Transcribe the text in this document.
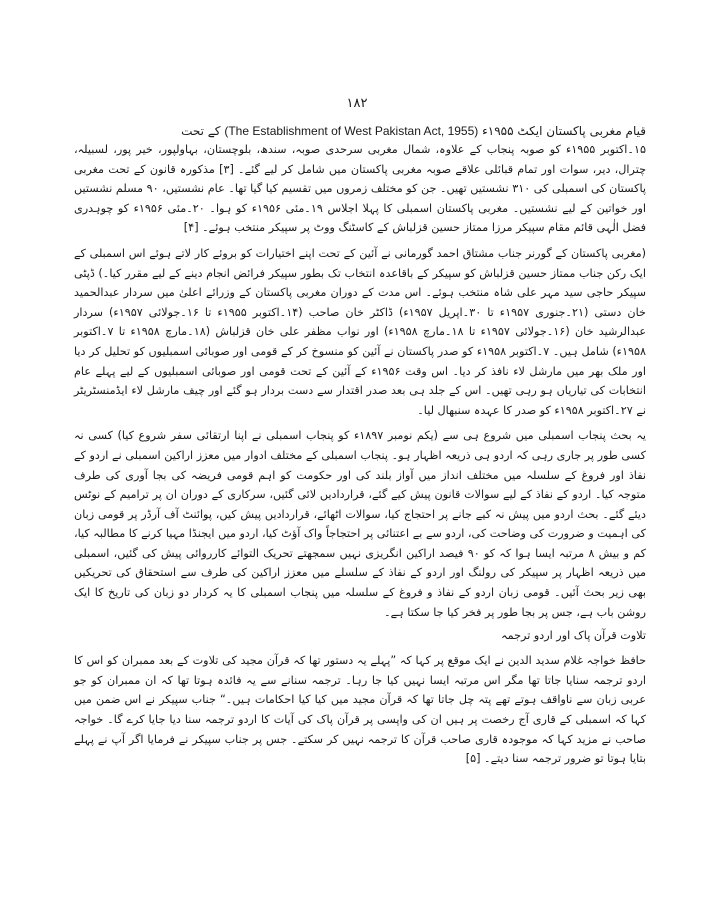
۱۸۲
قیام مغربی پاکستان ایکٹ ۱۹۵۵ء (The Establishment of West Pakistan Act, 1955) کے تحت

۱۵۔اکتوبر ۱۹۵۵ء کو صوبہ پنجاب کے علاوہ، شمال مغربی سرحدی صوبہ، سندھ، بلوچستان، بہاولپور، خیر پور، لسبیلہ، چترال، دیر، سوات اور تمام قبائلی علاقے صوبہ مغربی پاکستان میں شامل کر لیے گئے۔ [۳] مذکورہ قانون کے تحت مغربی پاکستان کی اسمبلی کی ۳۱۰ نشستیں تھیں۔ جن کو مختلف زمروں میں تقسیم کیا گیا تھا۔ عام نشستیں، ۹۰ مسلم نشستیں اور خواتین کے لیے نشستیں۔ مغربی پاکستان اسمبلی کا پہلا اجلاس ۱۹۔مئی ۱۹۵۶ء کو ہوا۔ ۲۰۔مئی ۱۹۵۶ء کو چوہدری فضل الٰہی قائم مقام سپیکر مرزا ممتاز حسین قزلباش کے کاسٹنگ ووٹ پر سپیکر منتخب ہوئے۔ [۴]

(مغربی پاکستان کے گورنر جناب مشتاق احمد گورمانی نے آئین کے تحت اپنے اختیارات کو بروئے کار لاتے ہوئے اس اسمبلی کے ایک رکن جناب ممتاز حسین قزلباش کو سپیکر کے باقاعدہ انتخاب تک بطور سپیکر فرائض انجام دینے کے لیے مقرر کیا۔) ڈپٹی سپیکر حاجی سید مہر علی شاہ منتخب ہوئے۔ اس مدت کے دوران مغربی پاکستان کے وزرائے اعلیٰ میں سردار عبدالحمید خان دستی (۲۱۔جنوری ۱۹۵۷ء تا ۳۰۔اپریل ۱۹۵۷ء) ڈاکٹر خان صاحب (۱۴۔اکتوبر ۱۹۵۵ء تا ۱۶۔جولائی ۱۹۵۷ء) سردار عبدالرشید خان (۱۶۔جولائی ۱۹۵۷ء تا ۱۸۔مارچ ۱۹۵۸ء) اور نواب مظفر علی خان قزلباش (۱۸۔مارچ ۱۹۵۸ء تا ۷۔اکتوبر ۱۹۵۸ء) شامل ہیں۔ ۷۔اکتوبر ۱۹۵۸ء کو صدر پاکستان نے آئین کو منسوخ کر کے قومی اور صوبائی اسمبلیوں کو تحلیل کر دیا اور ملک بھر میں مارشل لاء نافذ کر دیا۔ اس وقت ۱۹۵۶ء کے آئین کے تحت قومی اور صوبائی اسمبلیوں کے لیے پہلے عام انتخابات کی تیاریاں ہو رہی تھیں۔ اس کے جلد ہی بعد صدر اقتدار سے دست بردار ہو گئے اور چیف مارشل لاء ایڈمنسٹریٹر نے ۲۷۔اکتوبر ۱۹۵۸ء کو صدر کا عہدہ سنبھال لیا۔

یہ بحث پنجاب اسمبلی میں شروع ہی سے (یکم نومبر ۱۸۹۷ء کو پنجاب اسمبلی نے اپنا ارتقائی سفر شروع کیا) کسی نہ کسی طور پر جاری رہی کہ اردو ہی ذریعہ اظہار ہو۔ پنجاب اسمبلی کے مختلف ادوار میں معزز اراکین اسمبلی نے اردو کے نفاذ اور فروغ کے سلسلہ میں مختلف انداز میں آواز بلند کی اور حکومت کو اہم قومی فریضہ کی بجا آوری کی طرف متوجہ کیا۔ اردو کے نفاذ کے لیے سوالات قانون پیش کیے گئے، قراردادیں لائی گئیں، سرکاری کے دوران ان پر ترامیم کے نوٹس دیئے گئے۔ بحث اردو میں پیش نہ کیے جانے پر احتجاج کیا، سوالات اٹھائے، قراردادیں پیش کیں، پوائنٹ آف آرڈر پر قومی زبان کی اہمیت و ضرورت کی وضاحت کی، اردو سے بے اعتنائی پر احتجاجاً واک آؤٹ کیا، اردو میں ایجنڈا مہیا کرنے کا مطالبہ کیا، کم و بیش ۸ مرتبہ ایسا ہوا کہ کو ۹۰ فیصد اراکین انگریزی نہیں سمجھتے تحریک التوائے کارروائی پیش کی گئیں، اسمبلی میں ذریعہ اظہار پر سپیکر کی رولنگ اور اردو کے نفاذ کے سلسلے میں معزز اراکین کی طرف سے استحقاق کی تحریکیں بھی زیر بحث آئیں۔ قومی زبان اردو کے نفاذ و فروغ کے سلسلہ میں پنجاب اسمبلی کا یہ کردار دو زبان کی تاریخ کا ایک روشن باب ہے، جس پر بجا طور پر فخر کیا جا سکتا ہے۔

تلاوت قرآن پاک اور اردو ترجمہ

حافظ خواجہ غلام سدید الدین نے ایک موقع پر کہا کہ ”پہلے یہ دستور تھا کہ قرآن مجید کی تلاوت کے بعد ممبران کو اس کا اردو ترجمہ سنایا جاتا تھا مگر اس مرتبہ ایسا نہیں کیا جا رہا۔ ترجمہ سنانے سے یہ فائدہ ہوتا تھا کہ ان ممبران کو جو عربی زبان سے ناواقف ہوتے تھے پتہ چل جاتا تھا کہ قرآن مجید میں کیا کیا احکامات ہیں۔“ جناب سپیکر نے اس ضمن میں کہا کہ اسمبلی کے قاری آج رخصت پر ہیں ان کی واپسی پر قرآن پاک کی آیات کا اردو ترجمہ سنا دیا جایا کرے گا۔ خواجہ صاحب نے مزید کہا کہ موجودہ قاری صاحب قرآن کا ترجمہ نہیں کر سکتے۔ جس پر جناب سپیکر نے فرمایا اگر آپ نے پہلے بتایا ہوتا تو ضرور ترجمہ سنا دیتے۔ [۵]
